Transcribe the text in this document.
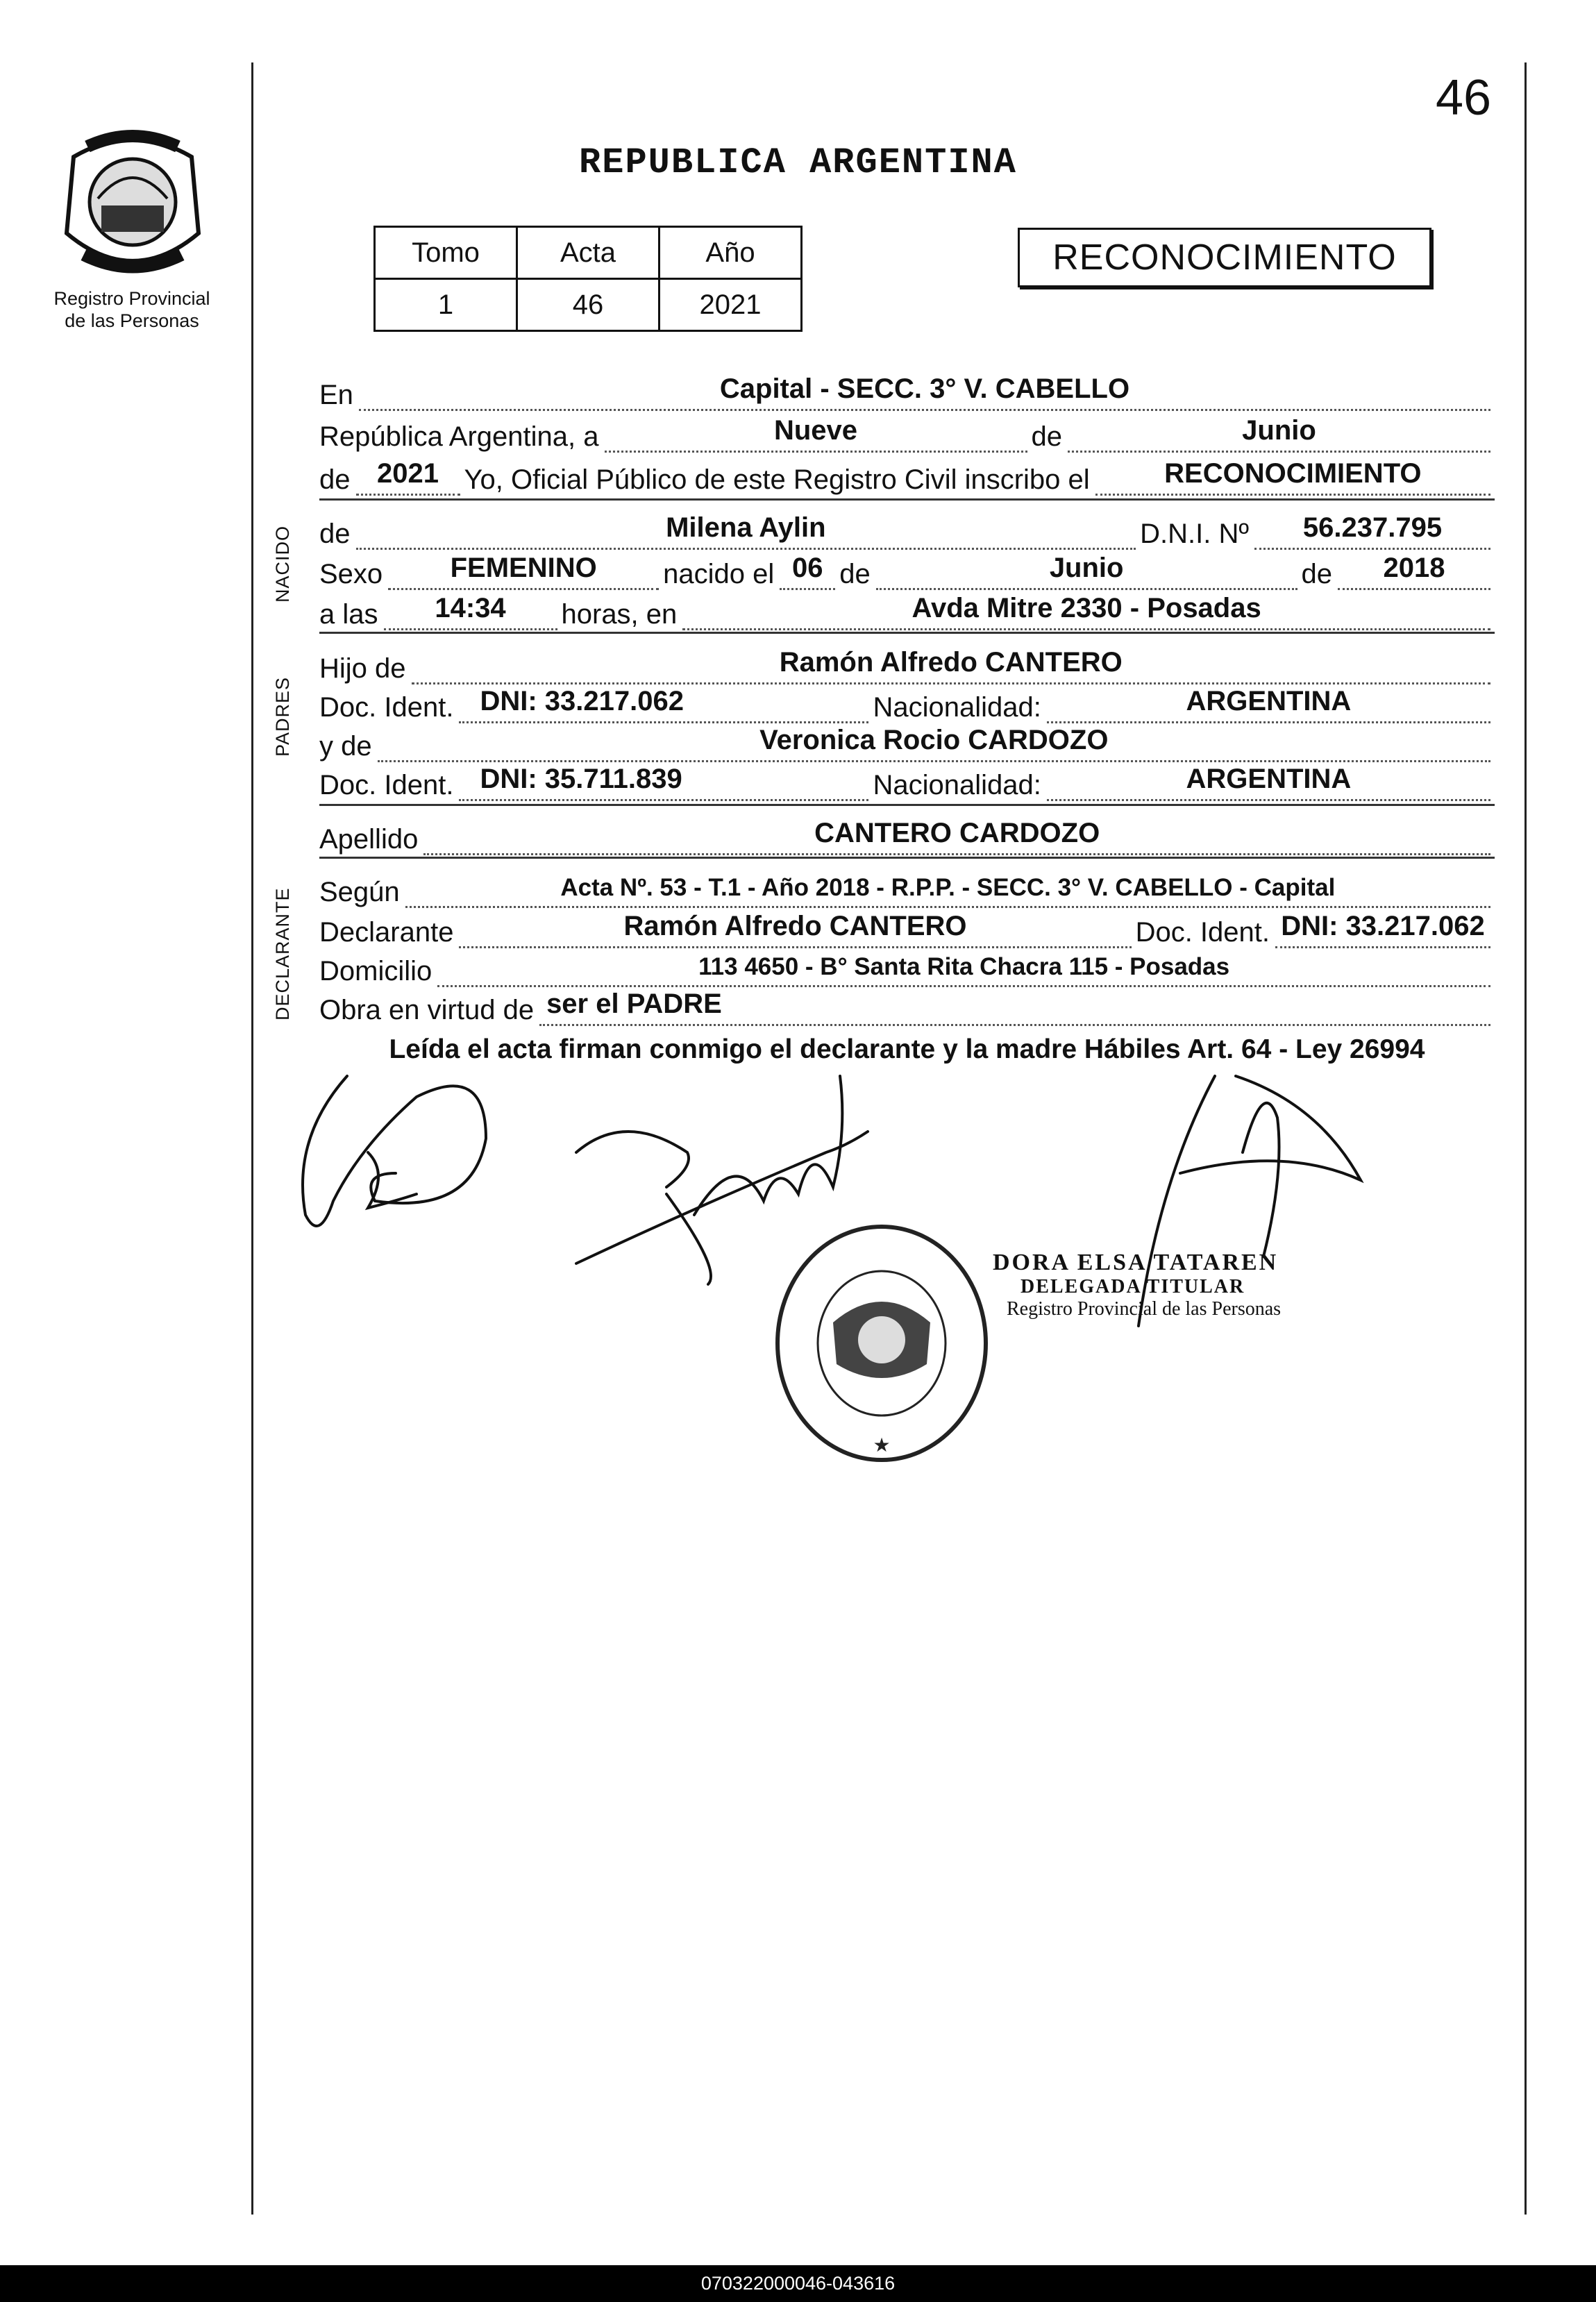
Registro Provincial
de las Personas
46
REPUBLICA ARGENTINA
Tomo	Acta	Año
1	46	2021
RECONOCIMIENTO
En	Capital - SECC. 3° V. CABELLO
República Argentina, a	Nueve	de	Junio
de 2021 Yo, Oficial Público de este Registro Civil inscribo el	RECONOCIMIENTO
NACIDO de	Milena Aylin	D.N.I. Nº	56.237.795
Sexo	FEMENINO	nacido el 06 de	Junio	de	2018
a las	14:34	horas, en	Avda Mitre 2330 - Posadas
PADRES
Hijo de	Ramón Alfredo CANTERO
Doc. Ident. DNI: 33.217.062	Nacionalidad:	ARGENTINA
y de	Veronica Rocio CARDOZO
Doc. Ident. DNI: 35.711.839	Nacionalidad:	ARGENTINA
Apellido	CANTERO CARDOZO
DECLARANTE Según	Acta Nº. 53 - T.1 - Año 2018 - R.P.P. - SECC. 3° V. CABELLO - Capital
Declarante	Ramón Alfredo CANTERO	Doc. Ident. DNI: 33.217.062
Domicilio	113 4650 - B° Santa Rita Chacra 115 - Posadas
Obra en virtud de ser el PADRE
Leída el acta firman conmigo el declarante y la madre Hábiles Art. 64 - Ley 26994
★
DORA ELSA TATAREN
DELEGADA TITULAR
Registro Provincial de las Personas
070322000046-043616
